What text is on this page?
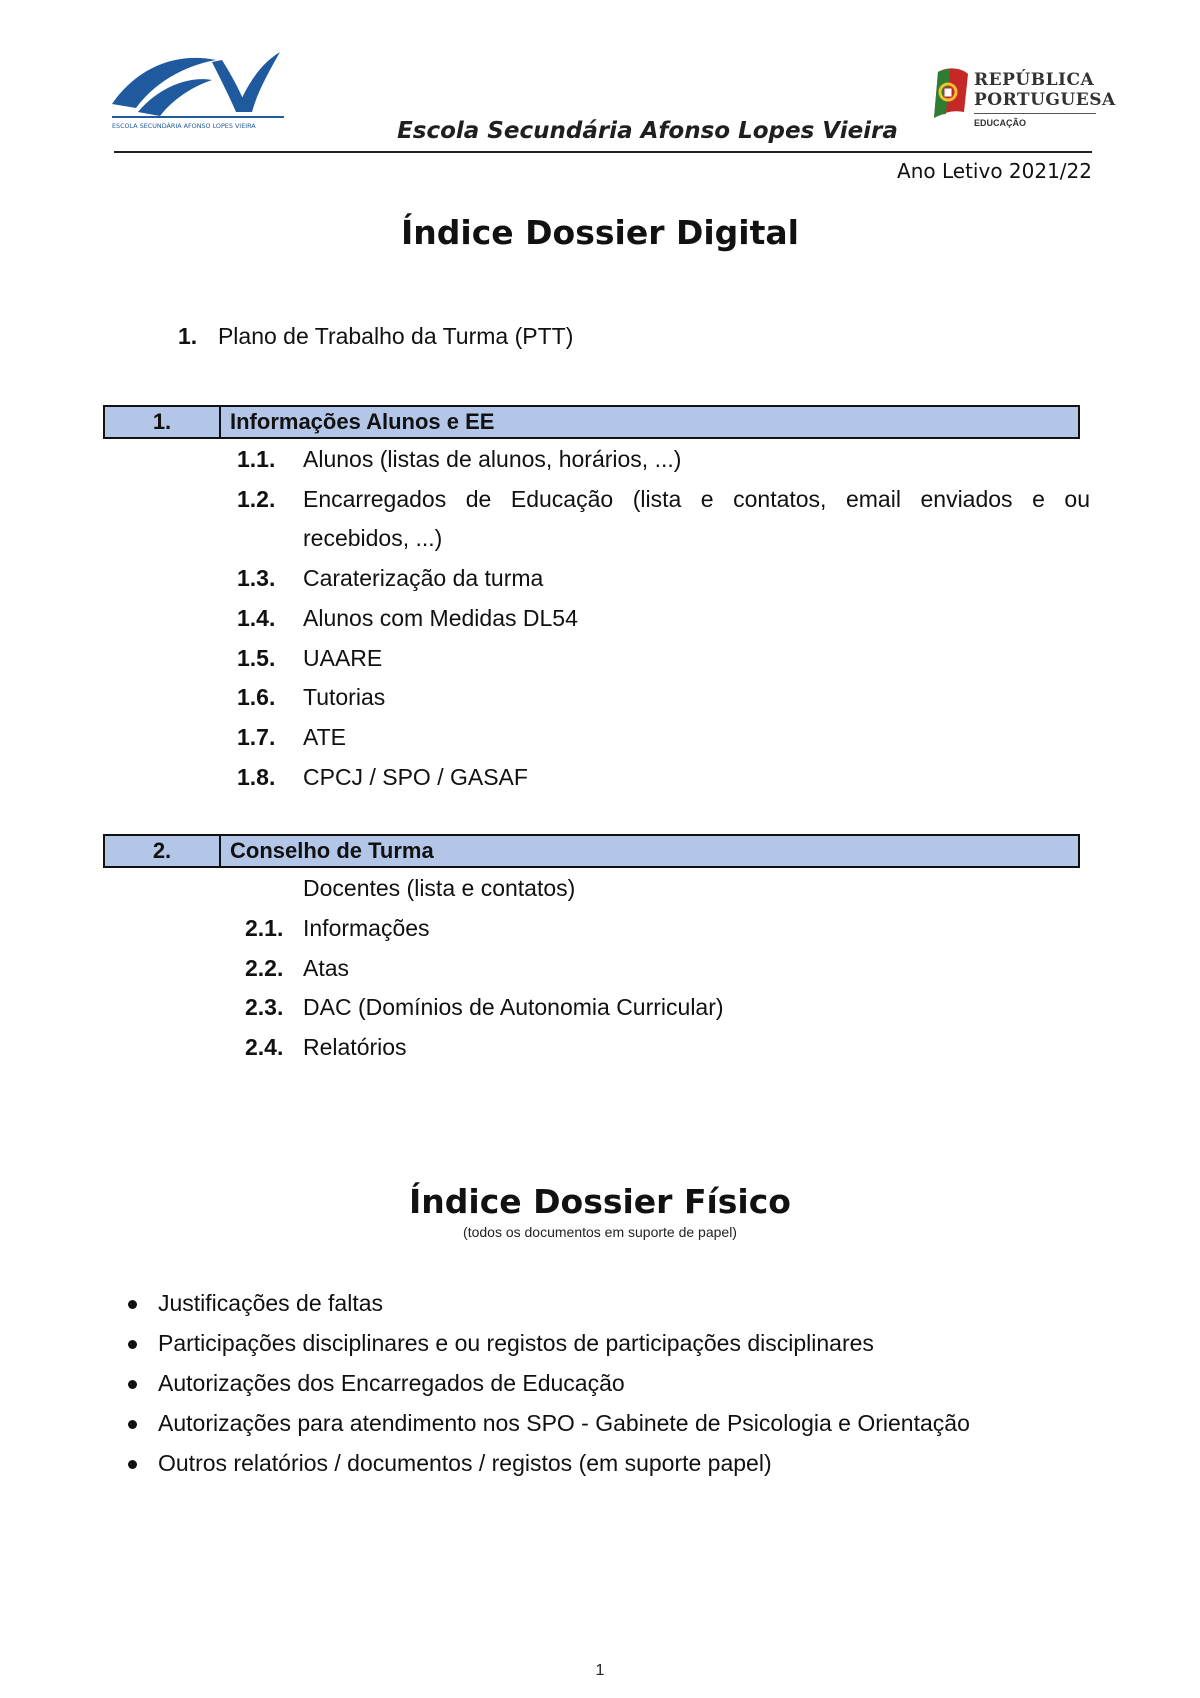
ESCOLA SECUNDÁRIA AFONSO LOPES VIEIRA	Escola Secundária Afonso Lopes Vieira
REPÚBLICA
PORTUGUESA
EDUCAÇÃO
Ano Letivo 2021/22
Índice Dossier Digital
1. Plano de Trabalho da Turma (PTT)
1.	Informações Alunos e EE
1.1. Alunos (listas de alunos, horários, ...)
1.2. Encarregados de Educação (lista e contatos, email enviados e ou
recebidos, ...)
1.3. Caraterização da turma
1.4. Alunos com Medidas DL54
1.5. UAARE
1.6. Tutorias
1.7. ATE
1.8. CPCJ / SPO / GASAF
2.	Conselho de Turma
Docentes (lista e contatos)
2.1. Informações
2.2. Atas
2.3. DAC (Domínios de Autonomia Curricular)
2.4. Relatórios
Índice Dossier Físico
(todos os documentos em suporte de papel)
Justificações de faltas
Participações disciplinares e ou registos de participações disciplinares
Autorizações dos Encarregados de Educação
Autorizações para atendimento nos SPO - Gabinete de Psicologia e Orientação
Outros relatórios / documentos / registos (em suporte papel)
1
